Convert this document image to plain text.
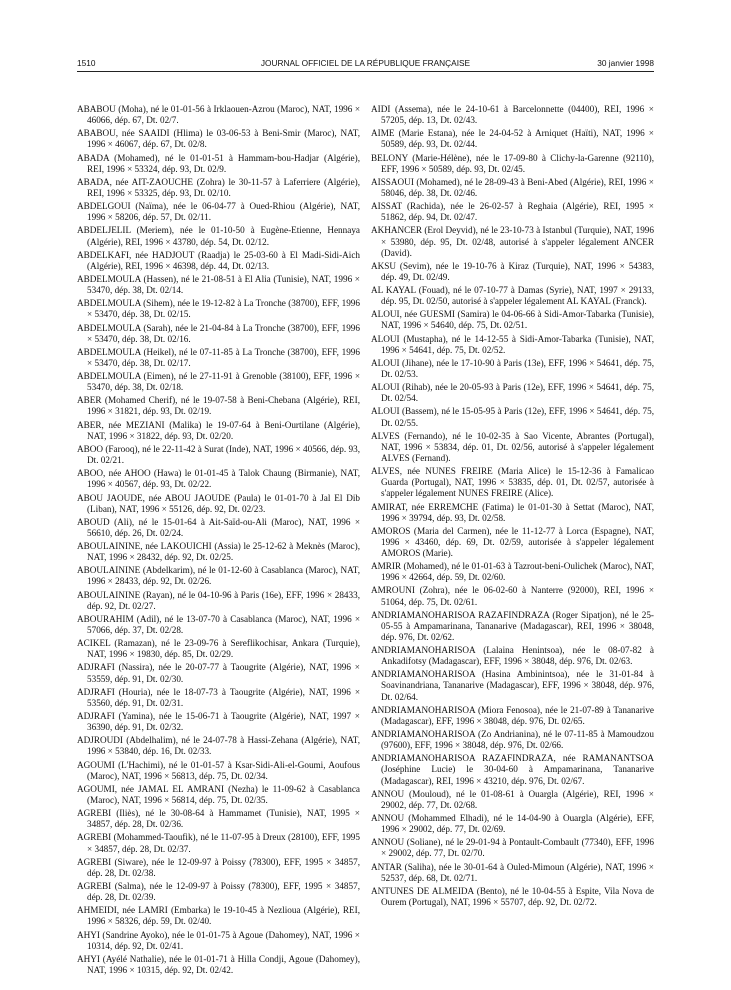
1510	JOURNAL OFFICIEL DE LA RÉPUBLIQUE FRANÇAISE	30 janvier 1998

ABABOU (Moha), né le 01-01-56 à Irklaouen-Azrou (Maroc), NAT, 1996 × 46066, dép. 67, Dt. 02/7.

ABABOU, née SAAIDI (Hlima) le 03-06-53 à Beni-Smir (Maroc), NAT, 1996 × 46067, dép. 67, Dt. 02/8.

ABADA (Mohamed), né le 01-01-51 à Hammam-bou-Hadjar (Algérie), REI, 1996 × 53324, dép. 93, Dt. 02/9.

ABADA, née AIT-ZAOUCHE (Zohra) le 30-11-57 à Laferriere (Algérie), REI, 1996 × 53325, dép. 93, Dt. 02/10.

ABDELGOUI (Naïma), née le 06-04-77 à Oued-Rhiou (Algérie), NAT, 1996 × 58206, dép. 57, Dt. 02/11.

ABDELJELIL (Meriem), née le 01-10-50 à Eugène-Etienne, Hennaya (Algérie), REI, 1996 × 43780, dép. 54, Dt. 02/12.

ABDELKAFI, née HADJOUT (Raadja) le 25-03-60 à El Madi-Sidi-Aich (Algérie), REI, 1996 × 46398, dép. 44, Dt. 02/13.

ABDELMOULA (Hassen), né le 21-08-51 à El Alia (Tunisie), NAT, 1996 × 53470, dép. 38, Dt. 02/14.

ABDELMOULA (Sihem), née le 19-12-82 à La Tronche (38700), EFF, 1996 × 53470, dép. 38, Dt. 02/15.

ABDELMOULA (Sarah), née le 21-04-84 à La Tronche (38700), EFF, 1996 × 53470, dép. 38, Dt. 02/16.

ABDELMOULA (Heikel), né le 07-11-85 à La Tronche (38700), EFF, 1996 × 53470, dép. 38, Dt. 02/17.

ABDELMOULA (Eimen), né le 27-11-91 à Grenoble (38100), EFF, 1996 × 53470, dép. 38, Dt. 02/18.

ABER (Mohamed Cherif), né le 19-07-58 à Beni-Chebana (Algérie), REI, 1996 × 31821, dép. 93, Dt. 02/19.

ABER, née MEZIANI (Malika) le 19-07-64 à Beni-Ourtilane (Algérie), NAT, 1996 × 31822, dép. 93, Dt. 02/20.

ABOO (Farooq), né le 22-11-42 à Surat (Inde), NAT, 1996 × 40566, dép. 93, Dt. 02/21.

ABOO, née AHOO (Hawa) le 01-01-45 à Talok Chaung (Birmanie), NAT, 1996 × 40567, dép. 93, Dt. 02/22.

ABOU JAOUDE, née ABOU JAOUDE (Paula) le 01-01-70 à Jal El Dib (Liban), NAT, 1996 × 55126, dép. 92, Dt. 02/23.

ABOUD (Ali), né le 15-01-64 à Ait-Saïd-ou-Ali (Maroc), NAT, 1996 × 56610, dép. 26, Dt. 02/24.

ABOULAININE, née LAKOUICHI (Assia) le 25-12-62 à Meknès (Maroc), NAT, 1996 × 28432, dép. 92, Dt. 02/25.

ABOULAININE (Abdelkarim), né le 01-12-60 à Casablanca (Maroc), NAT, 1996 × 28433, dép. 92, Dt. 02/26.

ABOULAININE (Rayan), né le 04-10-96 à Paris (16e), EFF, 1996 × 28433, dép. 92, Dt. 02/27.

ABOURAHIM (Adil), né le 13-07-70 à Casablanca (Maroc), NAT, 1996 × 57066, dép. 37, Dt. 02/28.

ACIKEL (Ramazan), né le 23-09-76 à Sereflikochisar, Ankara (Turquie), NAT, 1996 × 19830, dép. 85, Dt. 02/29.

ADJRAFI (Nassira), née le 20-07-77 à Taougrite (Algérie), NAT, 1996 × 53559, dép. 91, Dt. 02/30.

ADJRAFI (Houria), née le 18-07-73 à Taougrite (Algérie), NAT, 1996 × 53560, dép. 91, Dt. 02/31.

ADJRAFI (Yamina), née le 15-06-71 à Taougrite (Algérie), NAT, 1997 × 36390, dép. 91, Dt. 02/32.

ADJROUDI (Abdelhalim), né le 24-07-78 à Hassi-Zehana (Algérie), NAT, 1996 × 53840, dép. 16, Dt. 02/33.

AGOUMI (L'Hachimi), né le 01-01-57 à Ksar-Sidi-Ali-el-Goumi, Aoufous (Maroc), NAT, 1996 × 56813, dép. 75, Dt. 02/34.

AGOUMI, née JAMAL EL AMRANI (Nezha) le 11-09-62 à Casablanca (Maroc), NAT, 1996 × 56814, dép. 75, Dt. 02/35.

AGREBI (Iliès), né le 30-08-64 à Hammamet (Tunisie), NAT, 1995 × 34857, dép. 28, Dt. 02/36.

AGREBI (Mohammed-Taoufik), né le 11-07-95 à Dreux (28100), EFF, 1995 × 34857, dép. 28, Dt. 02/37.

AGREBI (Siware), née le 12-09-97 à Poissy (78300), EFF, 1995 × 34857, dép. 28, Dt. 02/38.

AGREBI (Salma), née le 12-09-97 à Poissy (78300), EFF, 1995 × 34857, dép. 28, Dt. 02/39.

AHMEIDI, née LAMRI (Embarka) le 19-10-45 à Nezlioua (Algérie), REI, 1996 × 58326, dép. 59, Dt. 02/40.

AHYI (Sandrine Ayoko), née le 01-01-75 à Agoue (Dahomey), NAT, 1996 × 10314, dép. 92, Dt. 02/41.

AHYI (Ayélé Nathalie), née le 01-01-71 à Hilla Condji, Agoue (Dahomey), NAT, 1996 × 10315, dép. 92, Dt. 02/42.

AIDI (Assema), née le 24-10-61 à Barcelonnette (04400), REI, 1996 × 57205, dép. 13, Dt. 02/43.

AIME (Marie Estana), née le 24-04-52 à Arniquet (Haïti), NAT, 1996 × 50589, dép. 93, Dt. 02/44.

BELONY (Marie-Hélène), née le 17-09-80 à Clichy-la-Garenne (92110), EFF, 1996 × 50589, dép. 93, Dt. 02/45.

AISSAOUI (Mohamed), né le 28-09-43 à Beni-Abed (Algérie), REI, 1996 × 58046, dép. 38, Dt. 02/46.

AISSAT (Rachida), née le 26-02-57 à Reghaia (Algérie), REI, 1995 × 51862, dép. 94, Dt. 02/47.

AKHANCER (Erol Deyvid), né le 23-10-73 à Istanbul (Turquie), NAT, 1996 × 53980, dép. 95, Dt. 02/48, autorisé à s'appeler légalement ANCER (David).

AKSU (Sevim), née le 19-10-76 à Kiraz (Turquie), NAT, 1996 × 54383, dép. 49, Dt. 02/49.

AL KAYAL (Fouad), né le 07-10-77 à Damas (Syrie), NAT, 1997 × 29133, dép. 95, Dt. 02/50, autorisé à s'appeler légalement AL KAYAL (Franck).

ALOUI, née GUESMI (Samira) le 04-06-66 à Sidi-Amor-Tabarka (Tunisie), NAT, 1996 × 54640, dép. 75, Dt. 02/51.

ALOUI (Mustapha), né le 14-12-55 à Sidi-Amor-Tabarka (Tunisie), NAT, 1996 × 54641, dép. 75, Dt. 02/52.

ALOUI (Jihane), née le 17-10-90 à Paris (13e), EFF, 1996 × 54641, dép. 75, Dt. 02/53.

ALOUI (Rihab), née le 20-05-93 à Paris (12e), EFF, 1996 × 54641, dép. 75, Dt. 02/54.

ALOUI (Bassem), né le 15-05-95 à Paris (12e), EFF, 1996 × 54641, dép. 75, Dt. 02/55.

ALVES (Fernando), né le 10-02-35 à Sao Vicente, Abrantes (Portugal), NAT, 1996 × 53834, dép. 01, Dt. 02/56, autorisé à s'appeler légalement ALVES (Fernand).

ALVES, née NUNES FREIRE (Maria Alice) le 15-12-36 à Famalicao Guarda (Portugal), NAT, 1996 × 53835, dép. 01, Dt. 02/57, autorisée à s'appeler légalement NUNES FREIRE (Alice).

AMIRAT, née ERREMCHE (Fatima) le 01-01-30 à Settat (Maroc), NAT, 1996 × 39794, dép. 93, Dt. 02/58.

AMOROS (Maria del Carmen), née le 11-12-77 à Lorca (Espagne), NAT, 1996 × 43460, dép. 69, Dt. 02/59, autorisée à s'appeler légalement AMOROS (Marie).

AMRIR (Mohamed), né le 01-01-63 à Tazrout-beni-Oulichek (Maroc), NAT, 1996 × 42664, dép. 59, Dt. 02/60.

AMROUNI (Zohra), née le 06-02-60 à Nanterre (92000), REI, 1996 × 51064, dép. 75, Dt. 02/61.

ANDRIAMANOHARISOA RAZAFINDRAZA (Roger Sipatjon), né le 25-05-55 à Ampamarinana, Tananarive (Madagascar), REI, 1996 × 38048, dép. 976, Dt. 02/62.

ANDRIAMANOHARISOA (Lalaina Henintsoa), née le 08-07-82 à Ankadifotsy (Madagascar), EFF, 1996 × 38048, dép. 976, Dt. 02/63.

ANDRIAMANOHARISOA (Hasina Ambinintsoa), née le 31-01-84 à Soavinandriana, Tananarive (Madagascar), EFF, 1996 × 38048, dép. 976, Dt. 02/64.

ANDRIAMANOHARISOA (Miora Fenosoa), née le 21-07-89 à Tananarive (Madagascar), EFF, 1996 × 38048, dép. 976, Dt. 02/65.

ANDRIAMANOHARISOA (Zo Andrianina), né le 07-11-85 à Mamoudzou (97600), EFF, 1996 × 38048, dép. 976, Dt. 02/66.

ANDRIAMANOHARISOA RAZAFINDRAZA, née RAMANANTSOA (Joséphine Lucie) le 30-04-60 à Ampamarinana, Tananarive (Madagascar), REI, 1996 × 43210, dép. 976, Dt. 02/67.

ANNOU (Mouloud), né le 01-08-61 à Ouargla (Algérie), REI, 1996 × 29002, dép. 77, Dt. 02/68.

ANNOU (Mohammed Elhadi), né le 14-04-90 à Ouargla (Algérie), EFF, 1996 × 29002, dép. 77, Dt. 02/69.

ANNOU (Soliane), né le 29-01-94 à Pontault-Combault (77340), EFF, 1996 × 29002, dép. 77, Dt. 02/70.

ANTAR (Saliha), née le 30-01-64 à Ouled-Mimoun (Algérie), NAT, 1996 × 52537, dép. 68, Dt. 02/71.

ANTUNES DE ALMEIDA (Bento), né le 10-04-55 à Espite, Vila Nova de Ourem (Portugal), NAT, 1996 × 55707, dép. 92, Dt. 02/72.
